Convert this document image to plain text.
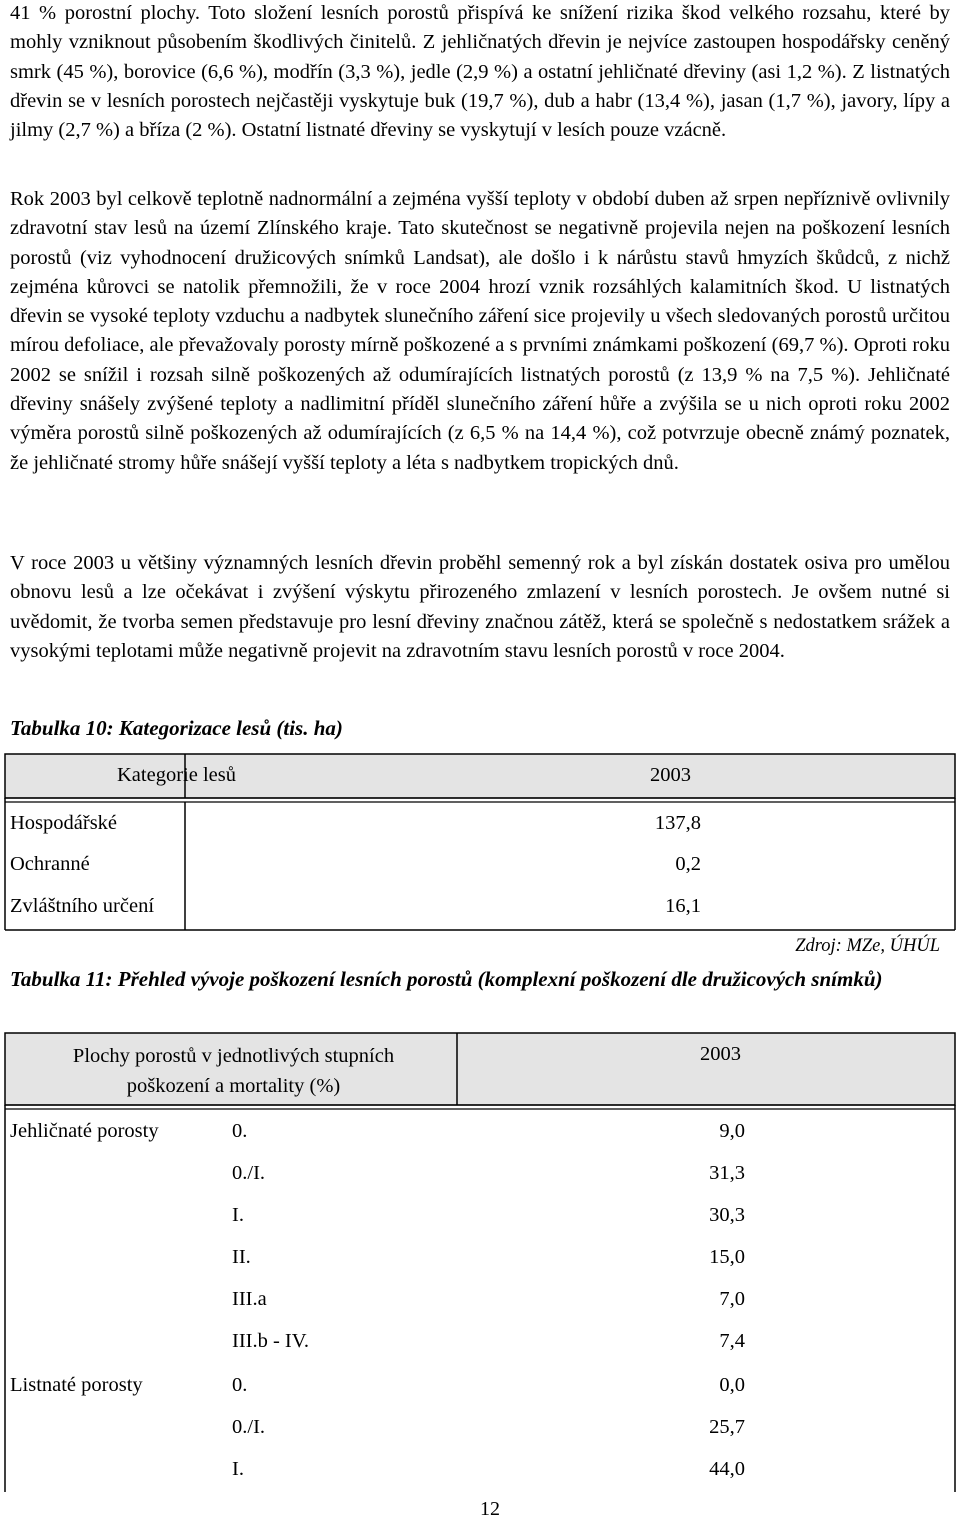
41 % porostní plochy. Toto složení lesních porostů přispívá ke snížení rizika škod velkého rozsahu, které by mohly vzniknout působením škodlivých činitelů. Z jehličnatých dřevin je nejvíce zastoupen hospodářsky ceněný smrk (45 %), borovice (6,6 %), modřín (3,3 %), jedle (2,9 %) a ostatní jehličnaté dřeviny (asi 1,2 %). Z listnatých dřevin se v lesních porostech nejčastěji vyskytuje buk (19,7 %), dub a habr (13,4 %), jasan (1,7 %), javory, lípy a jilmy (2,7 %) a bříza (2 %). Ostatní listnaté dřeviny se vyskytují v lesích pouze vzácně.

Rok 2003 byl celkově teplotně nadnormální a zejména vyšší teploty v období duben až srpen nepříznivě ovlivnily zdravotní stav lesů na území Zlínského kraje. Tato skutečnost se negativně projevila nejen na poškození lesních porostů (viz vyhodnocení družicových snímků Landsat), ale došlo i k nárůstu stavů hmyzích škůdců, z nichž zejména kůrovci se natolik přemnožili, že v roce 2004 hrozí vznik rozsáhlých kalamitních škod. U listnatých dřevin se vysoké teploty vzduchu a nadbytek slunečního záření sice projevily u všech sledovaných porostů určitou mírou defoliace, ale převažovaly porosty mírně poškozené a s prvními známkami poškození (69,7 %). Oproti roku 2002 se snížil i rozsah silně poškozených až odumírajících listnatých porostů (z 13,9 % na 7,5 %). Jehličnaté dřeviny snášely zvýšené teploty a nadlimitní příděl slunečního záření hůře a zvýšila se u nich oproti roku 2002 výměra porostů silně poškozených až odumírajících (z 6,5 % na 14,4 %), což potvrzuje obecně známý poznatek, že jehličnaté stromy hůře snášejí vyšší teploty a léta s nadbytkem tropických dnů.

V roce 2003 u většiny významných lesních dřevin proběhl semenný rok a byl získán dostatek osiva pro umělou obnovu lesů a lze očekávat i zvýšení výskytu přirozeného zmlazení v lesních porostech. Je ovšem nutné si uvědomit, že tvorba semen představuje pro lesní dřeviny značnou zátěž, která se společně s nedostatkem srážek a vysokými teplotami může negativně projevit na zdravotním stavu lesních porostů v roce 2004.

Tabulka 10: Kategorizace lesů (tis. ha)

Kategorie lesů	2003
Hospodářské	137,8
Ochranné	0,2
Zvláštního určení	16,1
Zdroj: MZe, ÚHÚL

Tabulka 11: Přehled vývoje poškození lesních porostů (komplexní poškození dle družicových snímků)

Plochy porostů v jednotlivých stupních
poškození a mortality (%)
2003
Jehličnaté porosty	0.	9,0
0./I.	31,3
I.	30,3
II.	15,0
III.a	7,0
III.b - IV.	7,4
Listnaté porosty	0.	0,0
0./I.	25,7
I.	44,0
12
